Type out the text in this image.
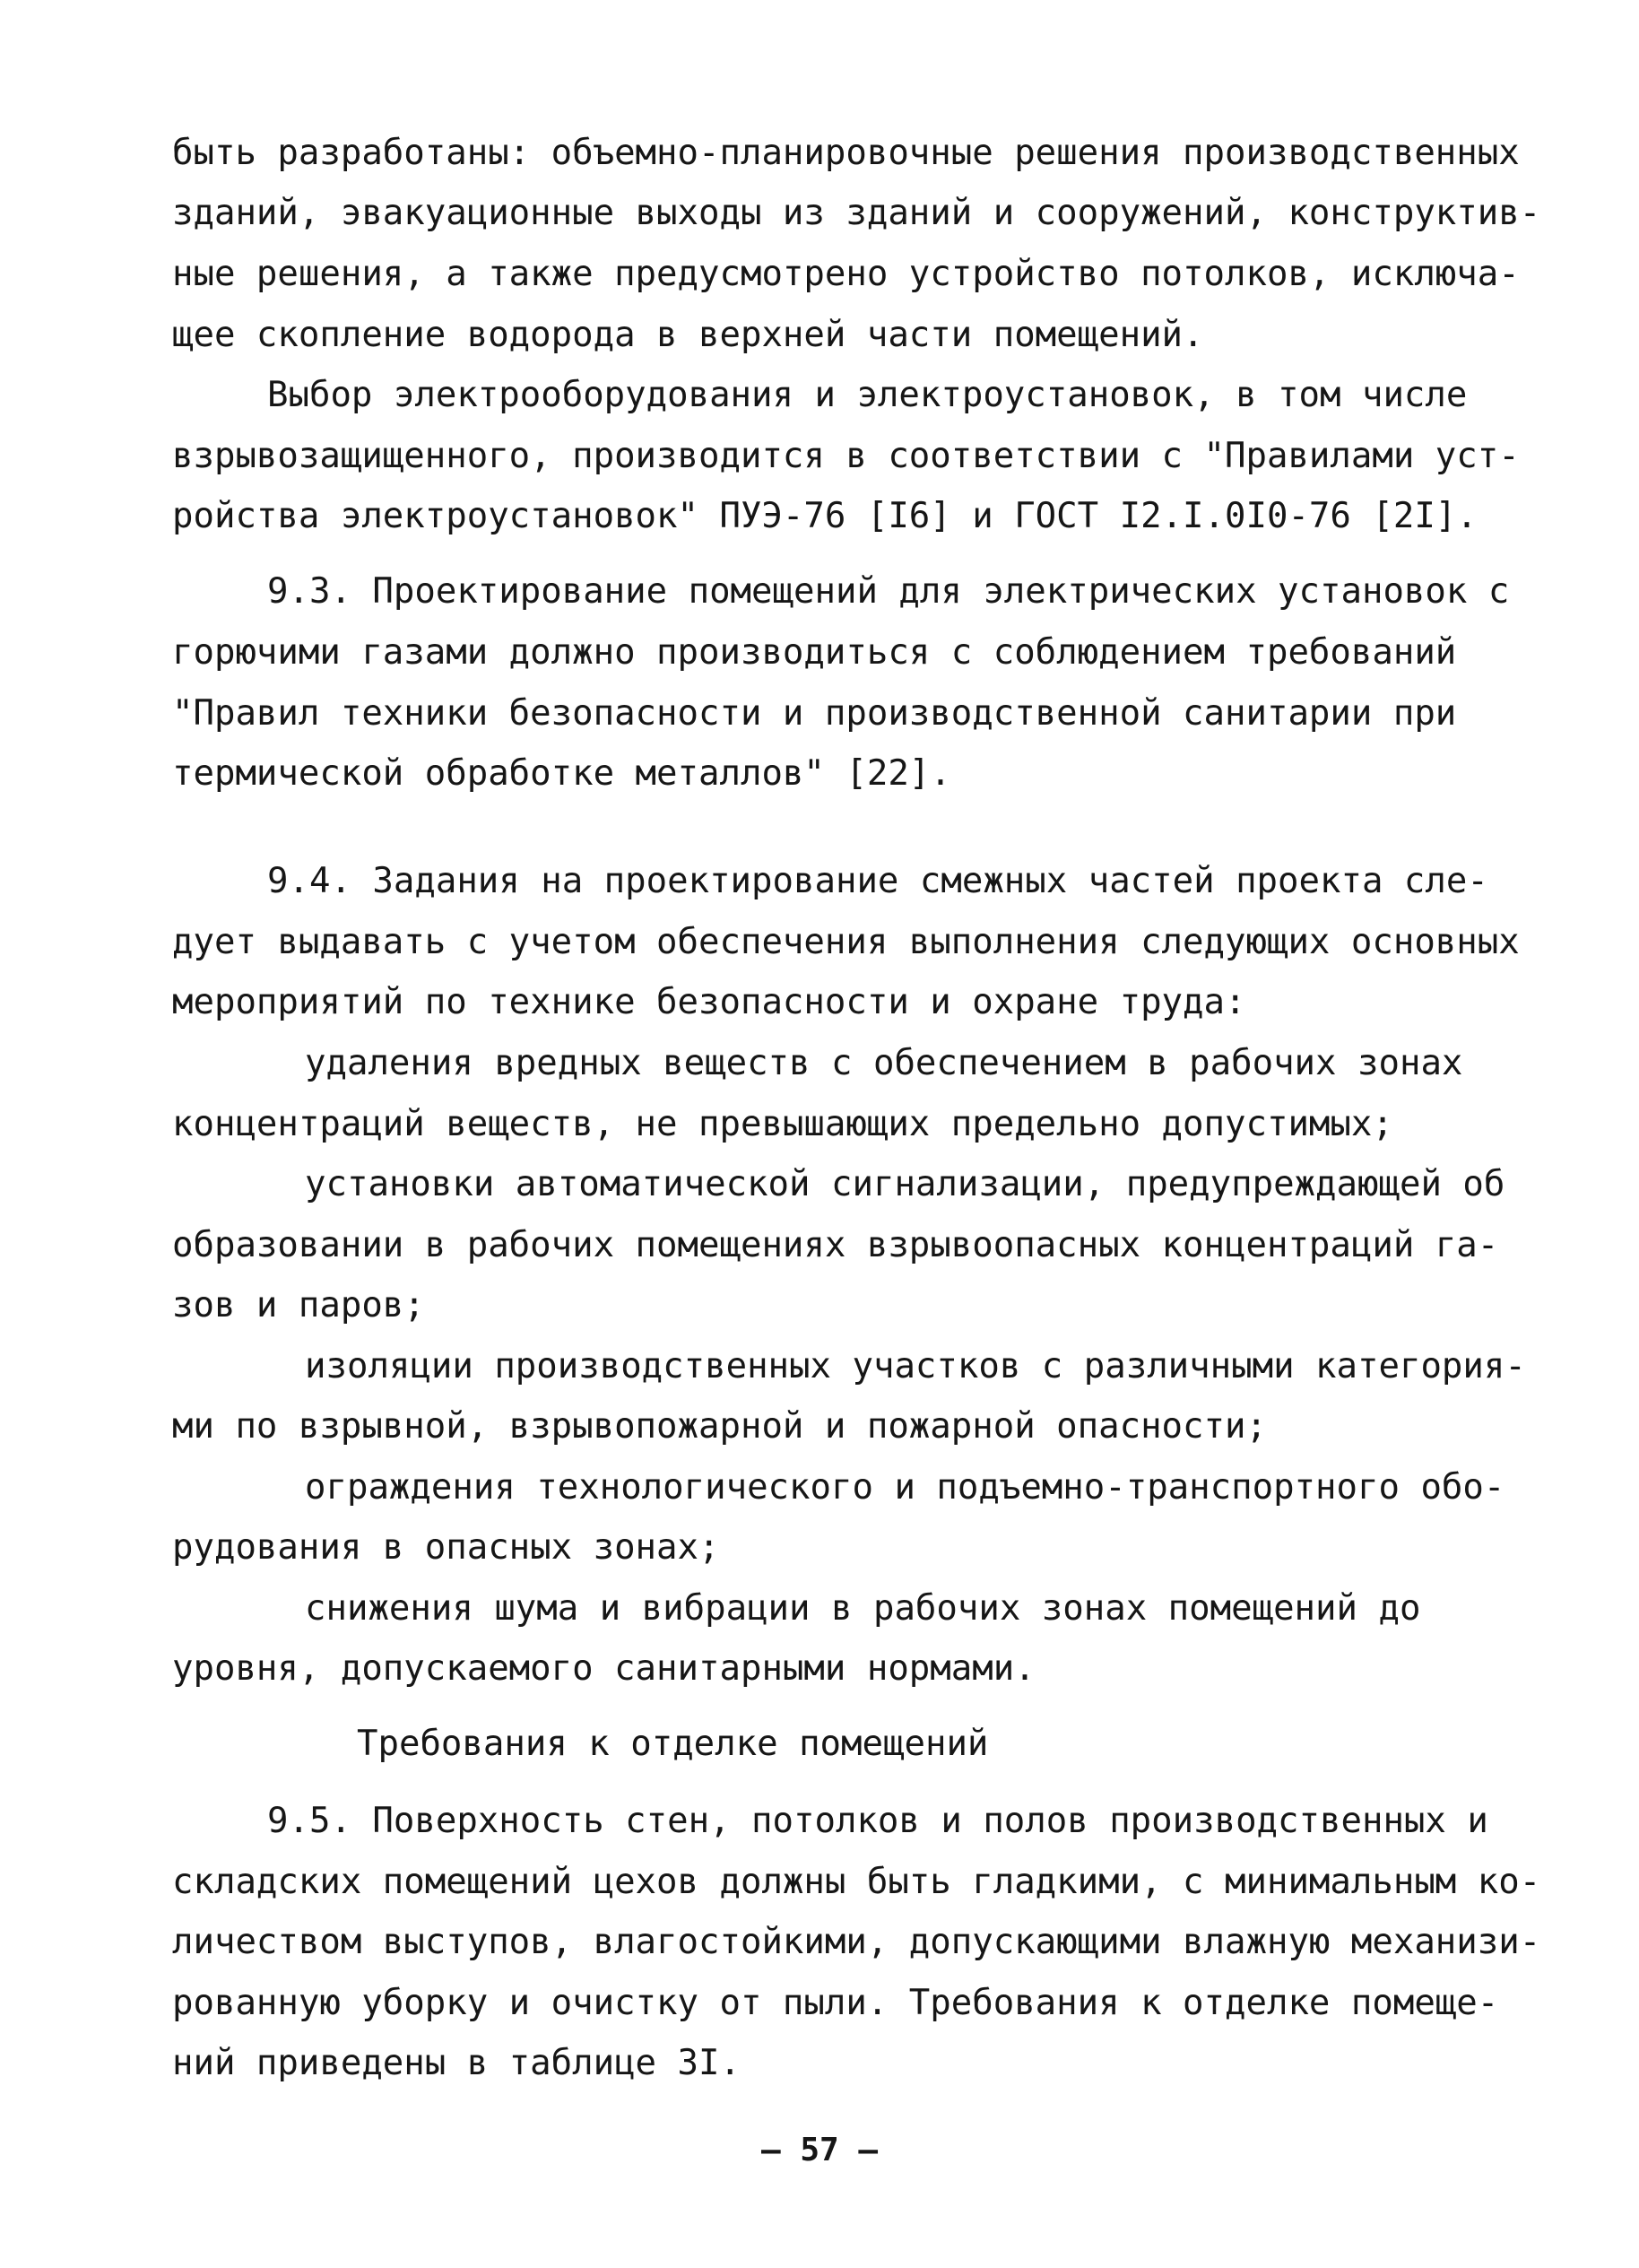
быть разработаны: объемно-планировочные решения производственных
зданий, эвакуационные выходы из зданий и сооружений, конструктив-
ные решения, а также предусмотрено устройство потолков, исключа-
щее скопление водорода в верхней части помещений.
Выбор электрооборудования и электроустановок, в том числе
взрывозащищенного, производится в соответствии с "Правилами уст-
ройства электроустановок" ПУЭ-76 [I6] и ГОСТ I2.I.0I0-76 [2I].
9.3. Проектирование помещений для электрических установок с
горючими газами должно производиться с соблюдением требований
"Правил техники безопасности и производственной санитарии при
термической обработке металлов" [22].
9.4. Задания на проектирование смежных частей проекта сле-
дует выдавать с учетом обеспечения выполнения следующих основных
мероприятий по технике безопасности и охране труда:
удаления вредных веществ с обеспечением в рабочих зонах
концентраций веществ, не превышающих предельно допустимых;
установки автоматической сигнализации, предупреждающей об
образовании в рабочих помещениях взрывоопасных концентраций га-
зов и паров;
изоляции производственных участков с различными категория-
ми по взрывной, взрывопожарной и пожарной опасности;
ограждения технологического и подъемно-транспортного обо-
рудования в опасных зонах;
снижения шума и вибрации в рабочих зонах помещений до
уровня, допускаемого санитарными нормами.
Требования к отделке помещений
9.5. Поверхность стен, потолков и полов производственных и
складских помещений цехов должны быть гладкими, с минимальным ко-
личеством выступов, влагостойкими, допускающими влажную механизи-
рованную уборку и очистку от пыли. Требования к отделке помеще-
ний приведены в таблице 3I.
— 57 —
